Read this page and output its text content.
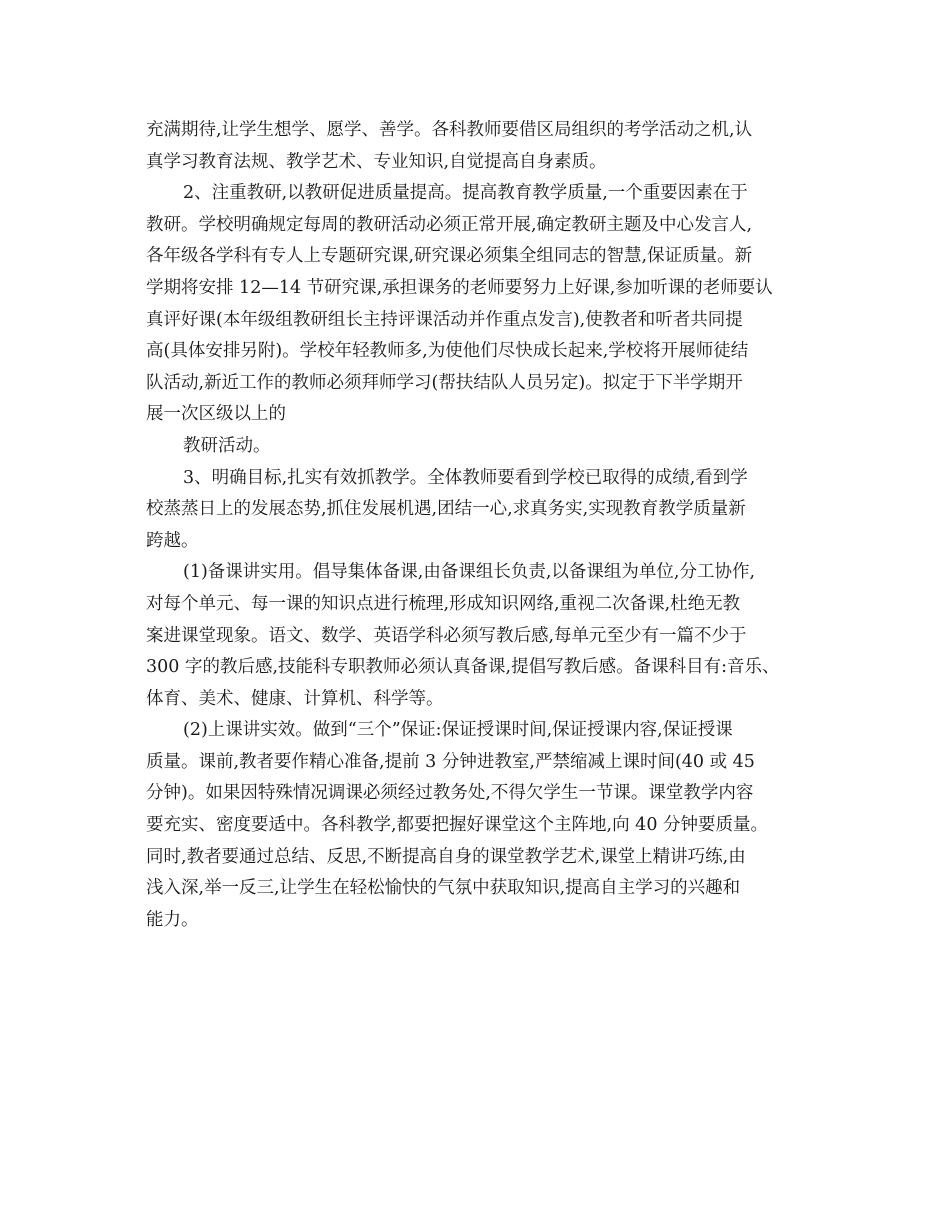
充满期待,让学生想学、愿学、善学。各科教师要借区局组织的考学活动之机,认
真学习教育法规、教学艺术、专业知识,自觉提高自身素质。
2、注重教研,以教研促进质量提高。提高教育教学质量,一个重要因素在于
教研。学校明确规定每周的教研活动必须正常开展,确定教研主题及中心发言人,
各年级各学科有专人上专题研究课,研究课必须集全组同志的智慧,保证质量。新
学期将安排 12—14 节研究课,承担课务的老师要努力上好课,参加听课的老师要认
真评好课(本年级组教研组长主持评课活动并作重点发言),使教者和听者共同提
高(具体安排另附)。学校年轻教师多,为使他们尽快成长起来,学校将开展师徒结
队活动,新近工作的教师必须拜师学习(帮扶结队人员另定)。拟定于下半学期开
展一次区级以上的
教研活动。
3、明确目标,扎实有效抓教学。全体教师要看到学校已取得的成绩,看到学
校蒸蒸日上的发展态势,抓住发展机遇,团结一心,求真务实,实现教育教学质量新
跨越。
(1)备课讲实用。倡导集体备课,由备课组长负责,以备课组为单位,分工协作,
对每个单元、每一课的知识点进行梳理,形成知识网络,重视二次备课,杜绝无教
案进课堂现象。语文、数学、英语学科必须写教后感,每单元至少有一篇不少于
300 字的教后感,技能科专职教师必须认真备课,提倡写教后感。备课科目有:音乐、
体育、美术、健康、计算机、科学等。
(2)上课讲实效。做到“三个”保证:保证授课时间,保证授课内容,保证授课
质量。课前,教者要作精心准备,提前 3 分钟进教室,严禁缩减上课时间(40 或 45
分钟)。如果因特殊情况调课必须经过教务处,不得欠学生一节课。课堂教学内容
要充实、密度要适中。各科教学,都要把握好课堂这个主阵地,向 40 分钟要质量。
同时,教者要通过总结、反思,不断提高自身的课堂教学艺术,课堂上精讲巧练,由
浅入深,举一反三,让学生在轻松愉快的气氛中获取知识,提高自主学习的兴趣和
能力。
